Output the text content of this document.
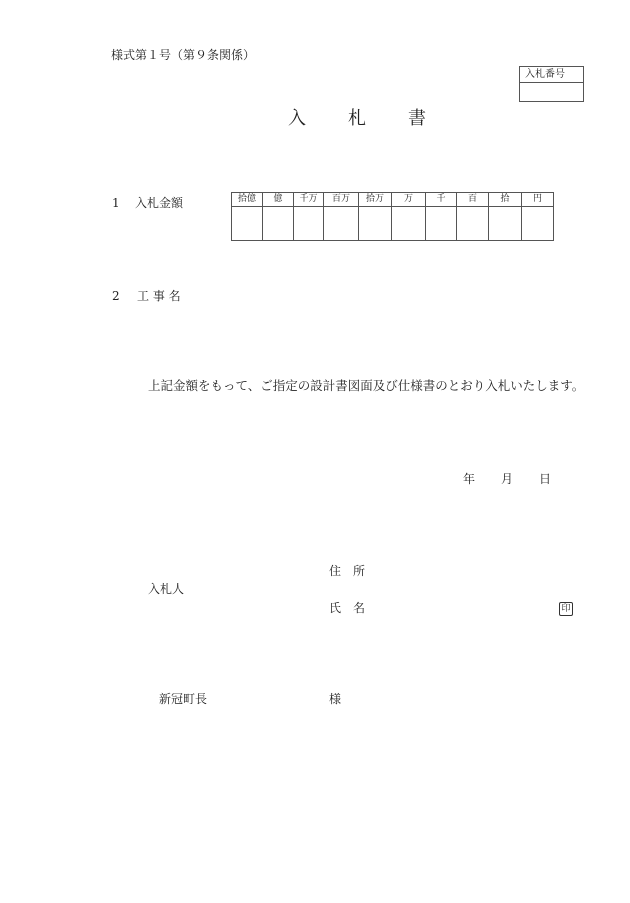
様式第１号（第９条関係）
入札番号
入 札 書
1 入札金額	拾億	億	千万	百万	拾万	万	千	百	拾	円

2 工 事 名
上記金額をもって、ご指定の設計書図面及び仕様書のとおり入札いたします。
年 月 日
住　所
入札人
氏　名	印
新冠町長	様
